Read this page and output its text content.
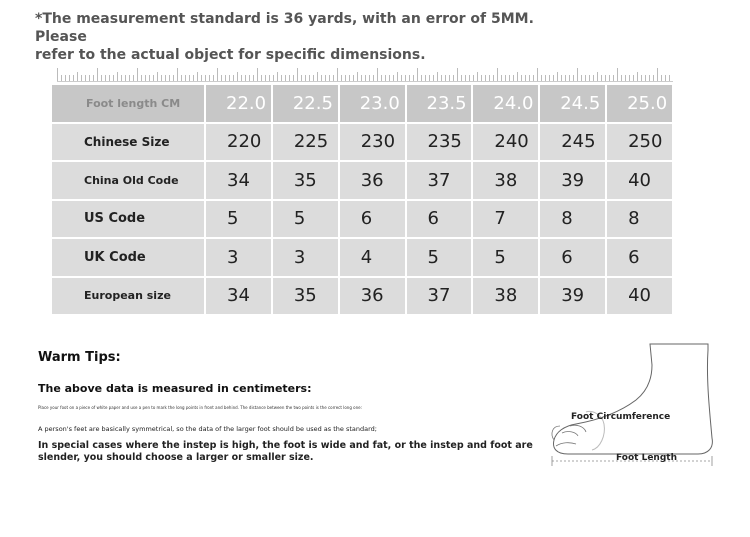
*The measurement standard is 36 yards, with an error of 5MM. Please
refer to the actual object for specific dimensions.
Foot length CM	22.0	22.5	23.0	23.5	24.0	24.5	25.0
Chinese Size	220	225	230	235	240	245	250
China Old Code	34	35	36	37	38	39	40
US Code	5	5	6	6	7	8	8
UK Code	3	3	4	5	5	6	6
European size	34	35	36	37	38	39	40
Warm Tips:
The above data is measured in centimeters:
Place your foot on a piece of white paper and use a pen to mark the long points in front and behind. The distance between the two points is the correct long one:
A person's feet are basically symmetrical, so the data of the larger foot should be used as the standard;
In special cases where the instep is high, the foot is wide and fat, or the instep and foot are slender, you should choose a larger or smaller size.
Foot Circumference
Foot Length
